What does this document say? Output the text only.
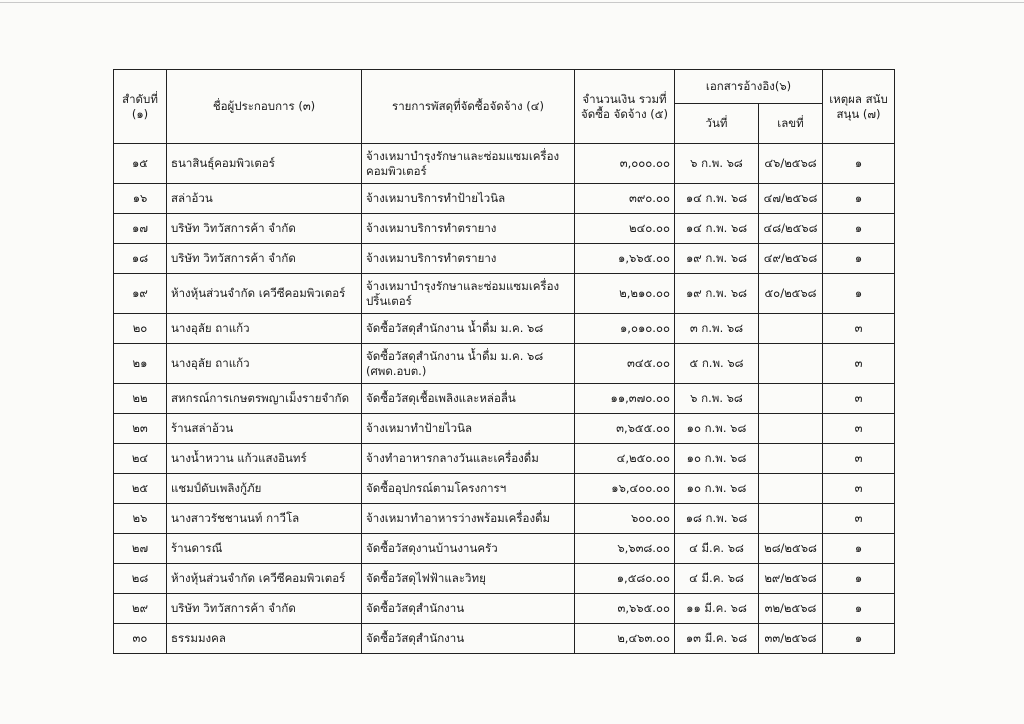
สำดับที่ (๑)	ชื่อผู้ประกอบการ (๓)	รายการพัสดุที่จัดซื้อจัดจ้าง (๔)	จำนวนเงิน รวมที่ จัดซื้อ จัดจ้าง (๕)	เอกสารอ้างอิง(๖)		เหตุผล สนับ สนุน (๗)
				วันที่	เลขที่	
๑๕	ธนาสินธุ์คอมพิวเตอร์	จ้างเหมาบำรุงรักษาและซ่อมแซมเครื่อง คอมพิวเตอร์	๓,๐๐๐.๐๐	๖ ก.พ. ๖๘	๔๖/๒๕๖๘	๑
๑๖	สล่าอ้วน	จ้างเหมาบริการทำป้ายไวนิล	๓๙๐.๐๐	๑๔ ก.พ. ๖๘	๔๗/๒๕๖๘	๑
๑๗	บริษัท วิทวัสการค้า จำกัด	จ้างเหมาบริการทำตรายาง	๒๔๐.๐๐	๑๔ ก.พ. ๖๘	๔๘/๒๕๖๘	๑
๑๘	บริษัท วิทวัสการค้า จำกัด	จ้างเหมาบริการทำตรายาง	๑,๖๖๕.๐๐	๑๙ ก.พ. ๖๘	๔๙/๒๕๖๘	๑
๑๙	ห้างหุ้นส่วนจำกัด เควีซีคอมพิวเตอร์	จ้างเหมาบำรุงรักษาและซ่อมแซมเครื่อง ปริ้นเตอร์	๒,๒๑๐.๐๐	๑๙ ก.พ. ๖๘	๕๐/๒๕๖๘	๑
๒๐	นางอุลัย ถาแก้ว	จัดซื้อวัสดุสำนักงาน น้ำดื่ม ม.ค. ๖๘	๑,๐๑๐.๐๐	๓ ก.พ. ๖๘		๓
๒๑	นางอุลัย ถาแก้ว	จัดซื้อวัสดุสำนักงาน น้ำดื่ม ม.ค. ๖๘ (ศพด.อบต.)	๓๔๕.๐๐	๕ ก.พ. ๖๘		๓
๒๒	สหกรณ์การเกษตรพญาเม็งรายจำกัด	จัดซื้อวัสดุเชื้อเพลิงและหล่อลื่น	๑๑,๓๗๐.๐๐	๖ ก.พ. ๖๘		๓
๒๓	ร้านสล่าอ้วน	จ้างเหมาทำป้ายไวนิล	๓,๖๕๕.๐๐	๑๐ ก.พ. ๖๘		๓
๒๔	นางน้ำหวาน แก้วแสงอินทร์	จ้างทำอาหารกลางวันและเครื่องดื่ม	๔,๒๕๐.๐๐	๑๐ ก.พ. ๖๘		๓
๒๕	แชมป์ดับเพลิงกู้ภัย	จัดซื้ออุปกรณ์ตามโครงการฯ	๑๖,๔๐๐.๐๐	๑๐ ก.พ. ๖๘		๓
๒๖	นางสาวรัชชานนท์ กาวีโล	จ้างเหมาทำอาหารว่างพร้อมเครื่องดื่ม	๖๐๐.๐๐	๑๘ ก.พ. ๖๘		๓
๒๗	ร้านดารณี	จัดซื้อวัสดุงานบ้านงานครัว	๖,๖๓๘.๐๐	๔ มี.ค. ๖๘	๒๘/๒๕๖๘	๑
๒๘	ห้างหุ้นส่วนจำกัด เควีซีคอมพิวเตอร์	จัดซื้อวัสดุไฟฟ้าและวิทยุ	๑,๕๘๐.๐๐	๔ มี.ค. ๖๘	๒๙/๒๕๖๘	๑
๒๙	บริษัท วิทวัสการค้า จำกัด	จัดซื้อวัสดุสำนักงาน	๓,๖๖๕.๐๐	๑๑ มี.ค. ๖๘	๓๒/๒๕๖๘	๑
๓๐	ธรรมมงคล	จัดซื้อวัสดุสำนักงาน	๒,๔๖๓.๐๐	๑๓ มี.ค. ๖๘	๓๓/๒๕๖๘	๑
